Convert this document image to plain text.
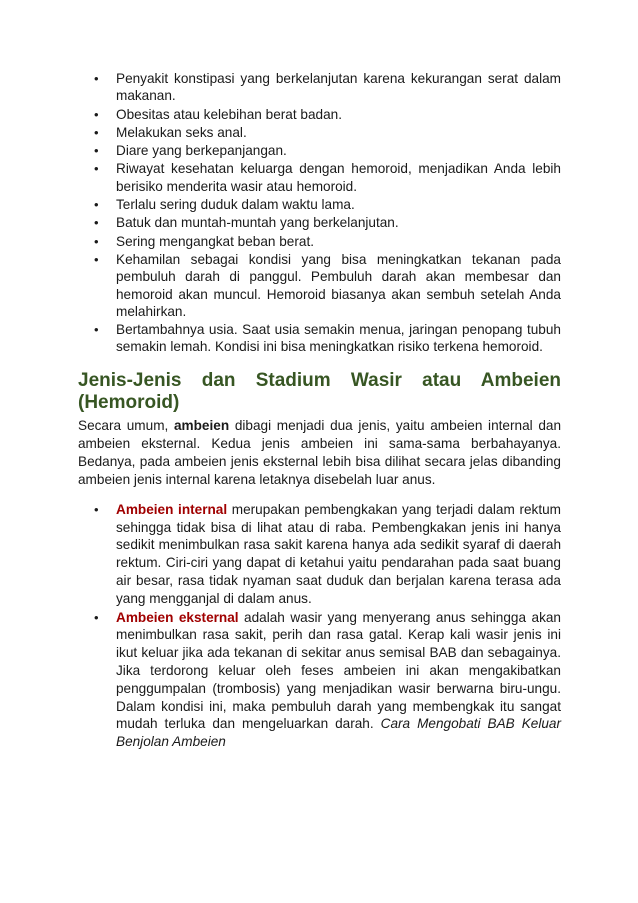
• Penyakit konstipasi yang berkelanjutan karena kekurangan serat dalam makanan.
• Obesitas atau kelebihan berat badan.
• Melakukan seks anal.
• Diare yang berkepanjangan.
• Riwayat kesehatan keluarga dengan hemoroid, menjadikan Anda lebih berisiko menderita wasir atau hemoroid.
• Terlalu sering duduk dalam waktu lama.
• Batuk dan muntah-muntah yang berkelanjutan.
• Sering mengangkat beban berat.
• Kehamilan sebagai kondisi yang bisa meningkatkan tekanan pada pembuluh darah di panggul. Pembuluh darah akan membesar dan hemoroid akan muncul. Hemoroid biasanya akan sembuh setelah Anda melahirkan.
• Bertambahnya usia. Saat usia semakin menua, jaringan penopang tubuh semakin lemah. Kondisi ini bisa meningkatkan risiko terkena hemoroid.
Jenis-Jenis dan Stadium Wasir atau Ambeien (Hemoroid)

Secara umum, ambeien dibagi menjadi dua jenis, yaitu ambeien internal dan ambeien eksternal. Kedua jenis ambeien ini sama-sama berbahayanya. Bedanya, pada ambeien jenis eksternal lebih bisa dilihat secara jelas dibanding ambeien jenis internal karena letaknya disebelah luar anus.

• Ambeien internal merupakan pembengkakan yang terjadi dalam rektum sehingga tidak bisa di lihat atau di raba. Pembengkakan jenis ini hanya sedikit menimbulkan rasa sakit karena hanya ada sedikit syaraf di daerah rektum. Ciri-ciri yang dapat di ketahui yaitu pendarahan pada saat buang air besar, rasa tidak nyaman saat duduk dan berjalan karena terasa ada yang mengganjal di dalam anus.
• Ambeien eksternal adalah wasir yang menyerang anus sehingga akan menimbulkan rasa sakit, perih dan rasa gatal. Kerap kali wasir jenis ini ikut keluar jika ada tekanan di sekitar anus semisal BAB dan sebagainya. Jika terdorong keluar oleh feses ambeien ini akan mengakibatkan penggumpalan (trombosis) yang menjadikan wasir berwarna biru-ungu. Dalam kondisi ini, maka pembuluh darah yang membengkak itu sangat mudah terluka dan mengeluarkan darah. Cara Mengobati BAB Keluar Benjolan Ambeien
